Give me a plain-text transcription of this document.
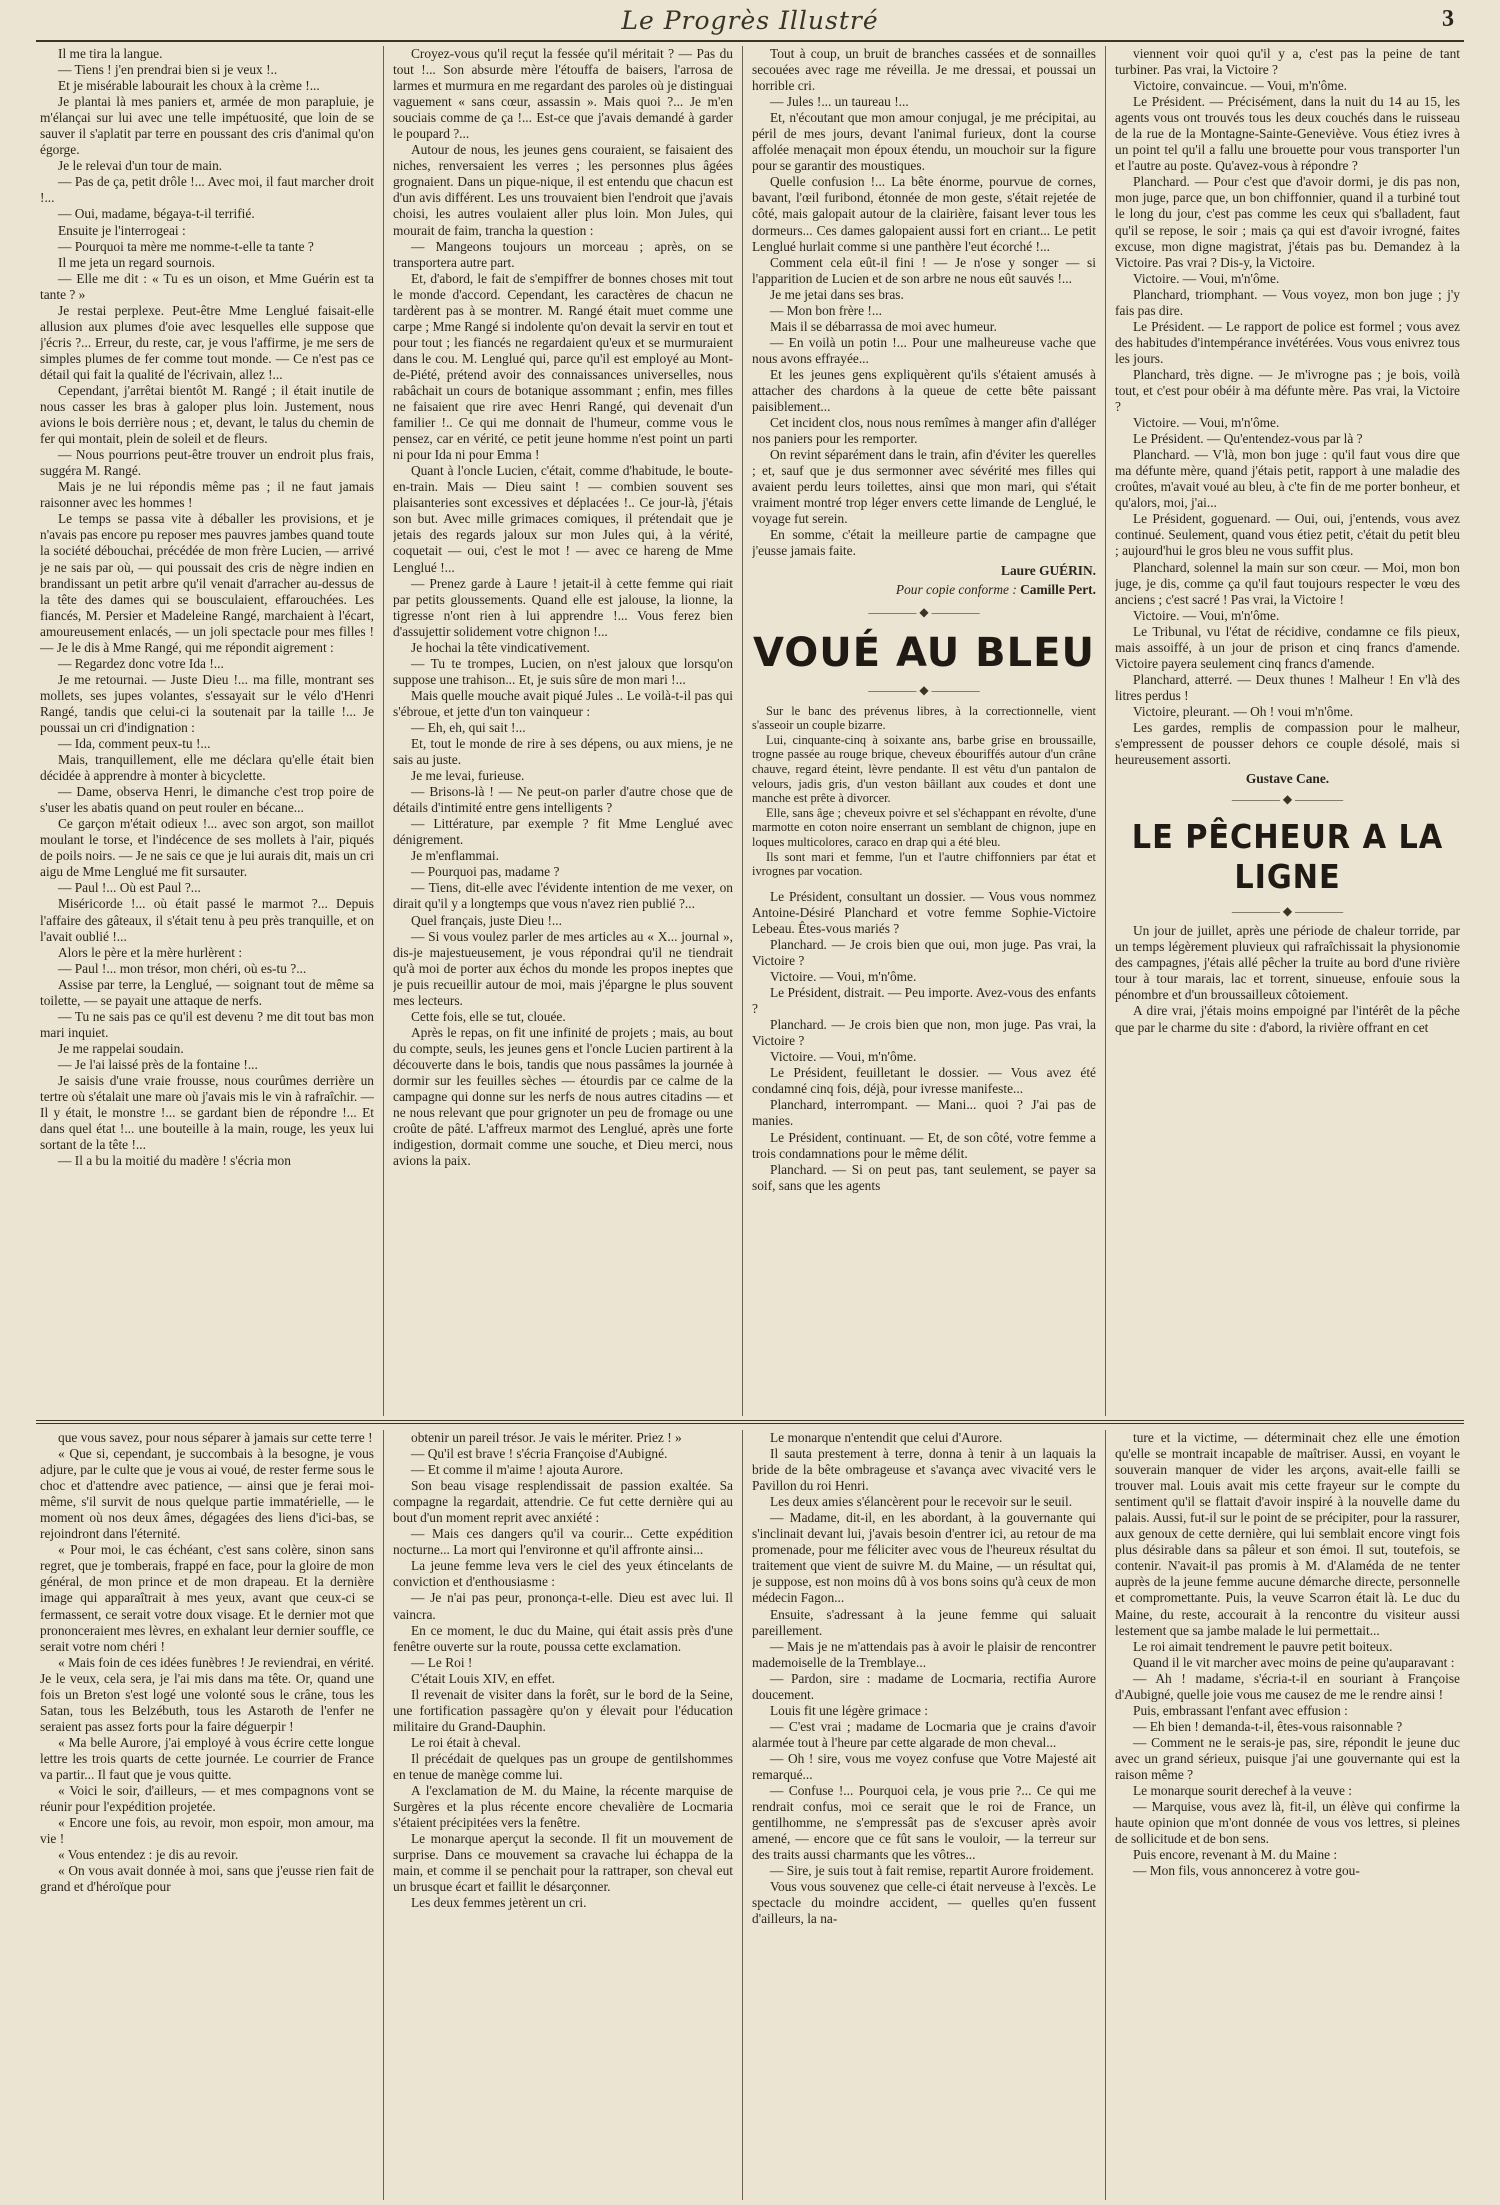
Le Progrès Illustré	3

Il me tira la langue.

— Tiens ! j'en prendrai bien si je veux !..

Et je misérable labourait les choux à la crème !...

Je plantai là mes paniers et, armée de mon parapluie, je m'élançai sur lui avec une telle impétuosité, que loin de se sauver il s'aplatit par terre en poussant des cris d'animal qu'on égorge.

Je le relevai d'un tour de main.

— Pas de ça, petit drôle !... Avec moi, il faut marcher droit !...

— Oui, madame, bégaya-t-il terrifié.

Ensuite je l'interrogeai :

— Pourquoi ta mère me nomme-t-elle ta tante ?

Il me jeta un regard sournois.

— Elle me dit : « Tu es un oison, et Mme Guérin est ta tante ? »

Je restai perplexe. Peut-être Mme Lenglué faisait-elle allusion aux plumes d'oie avec lesquelles elle suppose que j'écris ?... Erreur, du reste, car, je vous l'affirme, je me sers de simples plumes de fer comme tout monde. — Ce n'est pas ce détail qui fait la qualité de l'écrivain, allez !...

Cependant, j'arrêtai bientôt M. Rangé ; il était inutile de nous casser les bras à galoper plus loin. Justement, nous avions le bois derrière nous ; et, devant, le talus du chemin de fer qui montait, plein de soleil et de fleurs.

— Nous pourrions peut-être trouver un endroit plus frais, suggéra M. Rangé.

Mais je ne lui répondis même pas ; il ne faut jamais raisonner avec les hommes !

Le temps se passa vite à déballer les provisions, et je n'avais pas encore pu reposer mes pauvres jambes quand toute la société débouchai, précédée de mon frère Lucien, — arrivé je ne sais par où, — qui poussait des cris de nègre indien en brandissant un petit arbre qu'il venait d'arracher au-dessus de la tête des dames qui se bousculaient, effarouchées. Les fiancés, M. Persier et Madeleine Rangé, marchaient à l'écart, amoureusement enlacés, — un joli spectacle pour mes filles ! — Je le dis à Mme Rangé, qui me répondit aigrement :

— Regardez donc votre Ida !...

Je me retournai. — Juste Dieu !... ma fille, montrant ses mollets, ses jupes volantes, s'essayait sur le vélo d'Henri Rangé, tandis que celui-ci la soutenait par la taille !... Je poussai un cri d'indignation :

— Ida, comment peux-tu !...

Mais, tranquillement, elle me déclara qu'elle était bien décidée à apprendre à monter à bicyclette.

— Dame, observa Henri, le dimanche c'est trop poire de s'user les abatis quand on peut rouler en bécane...

Ce garçon m'était odieux !... avec son argot, son maillot moulant le torse, et l'indécence de ses mollets à l'air, piqués de poils noirs. — Je ne sais ce que je lui aurais dit, mais un cri aigu de Mme Lenglué me fit sursauter.

— Paul !... Où est Paul ?...

Miséricorde !... où était passé le marmot ?... Depuis l'affaire des gâteaux, il s'était tenu à peu près tranquille, et on l'avait oublié !...

Alors le père et la mère hurlèrent :

— Paul !... mon trésor, mon chéri, où es-tu ?...

Assise par terre, la Lenglué, — soignant tout de même sa toilette, — se payait une attaque de nerfs.

— Tu ne sais pas ce qu'il est devenu ? me dit tout bas mon mari inquiet.

Je me rappelai soudain.

— Je l'ai laissé près de la fontaine !...

Je saisis d'une vraie frousse, nous courûmes derrière un tertre où s'étalait une mare où j'avais mis le vin à rafraîchir. — Il y était, le monstre !... se gardant bien de répondre !... Et dans quel état !... une bouteille à la main, rouge, les yeux lui sortant de la tête !...

— Il a bu la moitié du madère ! s'écria mon

Croyez-vous qu'il reçut la fessée qu'il méritait ? — Pas du tout !... Son absurde mère l'étouffa de baisers, l'arrosa de larmes et murmura en me regardant des paroles où je distinguai vaguement « sans cœur, assassin ». Mais quoi ?... Je m'en souciais comme de ça !... Est-ce que j'avais demandé à garder le poupard ?...

Autour de nous, les jeunes gens couraient, se faisaient des niches, renversaient les verres ; les personnes plus âgées grognaient. Dans un pique-nique, il est entendu que chacun est d'un avis différent. Les uns trouvaient bien l'endroit que j'avais choisi, les autres voulaient aller plus loin. Mon Jules, qui mourait de faim, trancha la question :

— Mangeons toujours un morceau ; après, on se transportera autre part.

Et, d'abord, le fait de s'empiffrer de bonnes choses mit tout le monde d'accord. Cependant, les caractères de chacun ne tardèrent pas à se montrer. M. Rangé était muet comme une carpe ; Mme Rangé si indolente qu'on devait la servir en tout et pour tout ; les fiancés ne regardaient qu'eux et se murmuraient dans le cou. M. Lenglué qui, parce qu'il est employé au Mont-de-Piété, prétend avoir des connaissances universelles, nous rabâchait un cours de botanique assommant ; enfin, mes filles ne faisaient que rire avec Henri Rangé, qui devenait d'un familier !.. Ce qui me donnait de l'humeur, comme vous le pensez, car en vérité, ce petit jeune homme n'est point un parti ni pour Ida ni pour Emma !

Quant à l'oncle Lucien, c'était, comme d'habitude, le boute-en-train. Mais — Dieu saint ! — combien souvent ses plaisanteries sont excessives et déplacées !.. Ce jour-là, j'étais son but. Avec mille grimaces comiques, il prétendait que je jetais des regards jaloux sur mon Jules qui, à la vérité, coquetait — oui, c'est le mot ! — avec ce hareng de Mme Lenglué !...

— Prenez garde à Laure ! jetait-il à cette femme qui riait par petits gloussements. Quand elle est jalouse, la lionne, la tigresse n'ont rien à lui apprendre !... Vous ferez bien d'assujettir solidement votre chignon !...

Je hochai la tête vindicativement.

— Tu te trompes, Lucien, on n'est jaloux que lorsqu'on suppose une trahison... Et, je suis sûre de mon mari !...

Mais quelle mouche avait piqué Jules .. Le voilà-t-il pas qui s'ébroue, et jette d'un ton vainqueur :

— Eh, eh, qui sait !...

Et, tout le monde de rire à ses dépens, ou aux miens, je ne sais au juste.

Je me levai, furieuse.

— Brisons-là ! — Ne peut-on parler d'autre chose que de détails d'intimité entre gens intelligents ?

— Littérature, par exemple ? fit Mme Lenglué avec dénigrement.

Je m'enflammai.

— Pourquoi pas, madame ?

— Tiens, dit-elle avec l'évidente intention de me vexer, on dirait qu'il y a longtemps que vous n'avez rien publié ?...

Quel français, juste Dieu !...

— Si vous voulez parler de mes articles au « X... journal », dis-je majestueusement, je vous répondrai qu'il ne tiendrait qu'à moi de porter aux échos du monde les propos ineptes que je puis recueillir autour de moi, mais j'épargne le plus souvent mes lecteurs.

Cette fois, elle se tut, clouée.

Après le repas, on fit une infinité de projets ; mais, au bout du compte, seuls, les jeunes gens et l'oncle Lucien partirent à la découverte dans le bois, tandis que nous passâmes la journée à dormir sur les feuilles sèches — étourdis par ce calme de la campagne qui donne sur les nerfs de nous autres citadins — et ne nous relevant que pour grignoter un peu de fromage ou une croûte de pâté. L'affreux marmot des Lenglué, après une forte indigestion, dormait comme une souche, et Dieu merci, nous avions la paix.

Tout à coup, un bruit de branches cassées et de sonnailles secouées avec rage me réveilla. Je me dressai, et poussai un horrible cri.

— Jules !... un taureau !...

Et, n'écoutant que mon amour conjugal, je me précipitai, au péril de mes jours, devant l'animal furieux, dont la course affolée menaçait mon époux étendu, un mouchoir sur la figure pour se garantir des moustiques.

Quelle confusion !... La bête énorme, pourvue de cornes, bavant, l'œil furibond, étonnée de mon geste, s'était rejetée de côté, mais galopait autour de la clairière, faisant lever tous les dormeurs... Ces dames galopaient aussi fort en criant... Le petit Lenglué hurlait comme si une panthère l'eut écorché !...

Comment cela eût-il fini ! — Je n'ose y songer — si l'apparition de Lucien et de son arbre ne nous eût sauvés !...

Je me jetai dans ses bras.

— Mon bon frère !...

Mais il se débarrassa de moi avec humeur.

— En voilà un potin !... Pour une malheureuse vache que nous avons effrayée...

Et les jeunes gens expliquèrent qu'ils s'étaient amusés à attacher des chardons à la queue de cette bête paissant paisiblement...

Cet incident clos, nous nous remîmes à manger afin d'alléger nos paniers pour les remporter.

On revint séparément dans le train, afin d'éviter les querelles ; et, sauf que je dus sermonner avec sévérité mes filles qui avaient perdu leurs toilettes, ainsi que mon mari, qui s'était vraiment montré trop léger envers cette limande de Lenglué, le voyage fut serein.

En somme, c'était la meilleure partie de campagne que j'eusse jamais faite.

Laure GUÉRIN.
Pour copie conforme : Camille Pert.
———— ◆ ————
VOUÉ AU BLEU
———— ◆ ————

Sur le banc des prévenus libres, à la correctionnelle, vient s'asseoir un couple bizarre.

Lui, cinquante-cinq à soixante ans, barbe grise en broussaille, trogne passée au rouge brique, cheveux ébouriffés autour d'un crâne chauve, regard éteint, lèvre pendante. Il est vêtu d'un pantalon de velours, jadis gris, d'un veston bâillant aux coudes et dont une manche est prête à divorcer.

Elle, sans âge ; cheveux poivre et sel s'échappant en révolte, d'une marmotte en coton noire enserrant un semblant de chignon, jupe en loques multicolores, caraco en drap qui a été bleu.

Ils sont mari et femme, l'un et l'autre chiffonniers par état et ivrognes par vocation.

Le Président, consultant un dossier. — Vous vous nommez Antoine-Désiré Planchard et votre femme Sophie-Victoire Lebeau. Êtes-vous mariés ?

Planchard. — Je crois bien que oui, mon juge. Pas vrai, la Victoire ?

Victoire. — Voui, m'n'ôme.

Le Président, distrait. — Peu importe. Avez-vous des enfants ?

Planchard. — Je crois bien que non, mon juge. Pas vrai, la Victoire ?

Victoire. — Voui, m'n'ôme.

Le Président, feuilletant le dossier. — Vous avez été condamné cinq fois, déjà, pour ivresse manifeste...

Planchard, interrompant. — Mani... quoi ? J'ai pas de manies.

Le Président, continuant. — Et, de son côté, votre femme a trois condamnations pour le même délit.

Planchard. — Si on peut pas, tant seulement, se payer sa soif, sans que les agents

viennent voir quoi qu'il y a, c'est pas la peine de tant turbiner. Pas vrai, la Victoire ?

Victoire, convaincue. — Voui, m'n'ôme.

Le Président. — Précisément, dans la nuit du 14 au 15, les agents vous ont trouvés tous les deux couchés dans le ruisseau de la rue de la Montagne-Sainte-Geneviève. Vous étiez ivres à un point tel qu'il a fallu une brouette pour vous transporter l'un et l'autre au poste. Qu'avez-vous à répondre ?

Planchard. — Pour c'est que d'avoir dormi, je dis pas non, mon juge, parce que, un bon chiffonnier, quand il a turbiné tout le long du jour, c'est pas comme les ceux qui s'balladent, faut qu'il se repose, le soir ; mais ça qui est d'avoir ivrogné, faites excuse, mon digne magistrat, j'étais pas bu. Demandez à la Victoire. Pas vrai ? Dis-y, la Victoire.

Victoire. — Voui, m'n'ôme.

Planchard, triomphant. — Vous voyez, mon bon juge ; j'y fais pas dire.

Le Président. — Le rapport de police est formel ; vous avez des habitudes d'intempérance invétérées. Vous vous enivrez tous les jours.

Planchard, très digne. — Je m'ivrogne pas ; je bois, voilà tout, et c'est pour obéir à ma défunte mère. Pas vrai, la Victoire ?

Victoire. — Voui, m'n'ôme.

Le Président. — Qu'entendez-vous par là ?

Planchard. — V'là, mon bon juge : qu'il faut vous dire que ma défunte mère, quand j'étais petit, rapport à une maladie des croûtes, m'avait voué au bleu, à c'te fin de me porter bonheur, et qu'alors, moi, j'ai...

Le Président, goguenard. — Oui, oui, j'entends, vous avez continué. Seulement, quand vous étiez petit, c'était du petit bleu ; aujourd'hui le gros bleu ne vous suffit plus.

Planchard, solennel la main sur son cœur. — Moi, mon bon juge, je dis, comme ça qu'il faut toujours respecter le vœu des anciens ; c'est sacré ! Pas vrai, la Victoire !

Victoire. — Voui, m'n'ôme.

Le Tribunal, vu l'état de récidive, condamne ce fils pieux, mais assoiffé, à un jour de prison et cinq francs d'amende. Victoire payera seulement cinq francs d'amende.

Planchard, atterré. — Deux thunes ! Malheur ! En v'là des litres perdus !

Victoire, pleurant. — Oh ! voui m'n'ôme.

Les gardes, remplis de compassion pour le malheur, s'empressent de pousser dehors ce couple désolé, mais si heureusement assorti.

Gustave Cane.
———— ◆ ————
LE PÊCHEUR A LA LIGNE
———— ◆ ————

Un jour de juillet, après une période de chaleur torride, par un temps légèrement pluvieux qui rafraîchissait la physionomie des campagnes, j'étais allé pêcher la truite au bord d'une rivière tour à tour marais, lac et torrent, sinueuse, enfouie sous la pénombre et d'un broussailleux côtoiement.

A dire vrai, j'étais moins empoigné par l'intérêt de la pêche que par le charme du site : d'abord, la rivière offrant en cet

que vous savez, pour nous séparer à jamais sur cette terre !

« Que si, cependant, je succombais à la besogne, je vous adjure, par le culte que je vous ai voué, de rester ferme sous le choc et d'attendre avec patience, — ainsi que je ferai moi-même, s'il survit de nous quelque partie immatérielle, — le moment où nos deux âmes, dégagées des liens d'ici-bas, se rejoindront dans l'éternité.

« Pour moi, le cas échéant, c'est sans colère, sinon sans regret, que je tomberais, frappé en face, pour la gloire de mon général, de mon prince et de mon drapeau. Et la dernière image qui apparaîtrait à mes yeux, avant que ceux-ci se fermassent, ce serait votre doux visage. Et le dernier mot que prononceraient mes lèvres, en exhalant leur dernier souffle, ce serait votre nom chéri !

« Mais foin de ces idées funèbres ! Je reviendrai, en vérité. Je le veux, cela sera, je l'ai mis dans ma tête. Or, quand une fois un Breton s'est logé une volonté sous le crâne, tous les Satan, tous les Belzébuth, tous les Astaroth de l'enfer ne seraient pas assez forts pour la faire déguerpir !

« Ma belle Aurore, j'ai employé à vous écrire cette longue lettre les trois quarts de cette journée. Le courrier de France va partir... Il faut que je vous quitte.

« Voici le soir, d'ailleurs, — et mes compagnons vont se réunir pour l'expédition projetée.

« Encore une fois, au revoir, mon espoir, mon amour, ma vie !

« Vous entendez : je dis au revoir.

« On vous avait donnée à moi, sans que j'eusse rien fait de grand et d'héroïque pour

obtenir un pareil trésor. Je vais le mériter. Priez ! »

— Qu'il est brave ! s'écria Françoise d'Aubigné.

— Et comme il m'aime ! ajouta Aurore.

Son beau visage resplendissait de passion exaltée. Sa compagne la regardait, attendrie. Ce fut cette dernière qui au bout d'un moment reprit avec anxiété :

— Mais ces dangers qu'il va courir... Cette expédition nocturne... La mort qui l'environne et qu'il affronte ainsi...

La jeune femme leva vers le ciel des yeux étincelants de conviction et d'enthousiasme :

— Je n'ai pas peur, prononça-t-elle. Dieu est avec lui. Il vaincra.

En ce moment, le duc du Maine, qui était assis près d'une fenêtre ouverte sur la route, poussa cette exclamation.

— Le Roi !

C'était Louis XIV, en effet.

Il revenait de visiter dans la forêt, sur le bord de la Seine, une fortification passagère qu'on y élevait pour l'éducation militaire du Grand-Dauphin.

Le roi était à cheval.

Il précédait de quelques pas un groupe de gentilshommes en tenue de manège comme lui.

A l'exclamation de M. du Maine, la récente marquise de Surgères et la plus récente encore chevalière de Locmaria s'étaient précipitées vers la fenêtre.

Le monarque aperçut la seconde. Il fit un mouvement de surprise. Dans ce mouvement sa cravache lui échappa de la main, et comme il se penchait pour la rattraper, son cheval eut un brusque écart et faillit le désarçonner.

Les deux femmes jetèrent un cri.

Le monarque n'entendit que celui d'Aurore.

Il sauta prestement à terre, donna à tenir à un laquais la bride de la bête ombrageuse et s'avança avec vivacité vers le Pavillon du roi Henri.

Les deux amies s'élancèrent pour le recevoir sur le seuil.

— Madame, dit-il, en les abordant, à la gouvernante qui s'inclinait devant lui, j'avais besoin d'entrer ici, au retour de ma promenade, pour me féliciter avec vous de l'heureux résultat du traitement que vient de suivre M. du Maine, — un résultat qui, je suppose, est non moins dû à vos bons soins qu'à ceux de mon médecin Fagon...

Ensuite, s'adressant à la jeune femme qui saluait pareillement.

— Mais je ne m'attendais pas à avoir le plaisir de rencontrer mademoiselle de la Tremblaye...

— Pardon, sire : madame de Locmaria, rectifia Aurore doucement.

Louis fit une légère grimace :

— C'est vrai ; madame de Locmaria que je crains d'avoir alarmée tout à l'heure par cette algarade de mon cheval...

— Oh ! sire, vous me voyez confuse que Votre Majesté ait remarqué...

— Confuse !... Pourquoi cela, je vous prie ?... Ce qui me rendrait confus, moi ce serait que le roi de France, un gentilhomme, ne s'empressât pas de s'excuser après avoir amené, — encore que ce fût sans le vouloir, — la terreur sur des traits aussi charmants que les vôtres...

— Sire, je suis tout à fait remise, repartit Aurore froidement.

Vous vous souvenez que celle-ci était nerveuse à l'excès. Le spectacle du moindre accident, — quelles qu'en fussent d'ailleurs, la na-

ture et la victime, — déterminait chez elle une émotion qu'elle se montrait incapable de maîtriser. Aussi, en voyant le souverain manquer de vider les arçons, avait-elle failli se trouver mal. Louis avait mis cette frayeur sur le compte du sentiment qu'il se flattait d'avoir inspiré à la nouvelle dame du palais. Aussi, fut-il sur le point de se précipiter, pour la rassurer, aux genoux de cette dernière, qui lui semblait encore vingt fois plus désirable dans sa pâleur et son émoi. Il sut, toutefois, se contenir. N'avait-il pas promis à M. d'Alaméda de ne tenter auprès de la jeune femme aucune démarche directe, personnelle et compromettante. Puis, la veuve Scarron était là. Le duc du Maine, du reste, accourait à la rencontre du visiteur aussi lestement que sa jambe malade le lui permettait...

Le roi aimait tendrement le pauvre petit boiteux.

Quand il le vit marcher avec moins de peine qu'auparavant :

— Ah ! madame, s'écria-t-il en souriant à Françoise d'Aubigné, quelle joie vous me causez de me le rendre ainsi !

Puis, embrassant l'enfant avec effusion :

— Eh bien ! demanda-t-il, êtes-vous raisonnable ?

— Comment ne le serais-je pas, sire, répondit le jeune duc avec un grand sérieux, puisque j'ai une gouvernante qui est la raison même ?

Le monarque sourit derechef à la veuve :

— Marquise, vous avez là, fit-il, un élève qui confirme la haute opinion que m'ont donnée de vous vos lettres, si pleines de sollicitude et de bon sens.

Puis encore, revenant à M. du Maine :

— Mon fils, vous annoncerez à votre gou-
